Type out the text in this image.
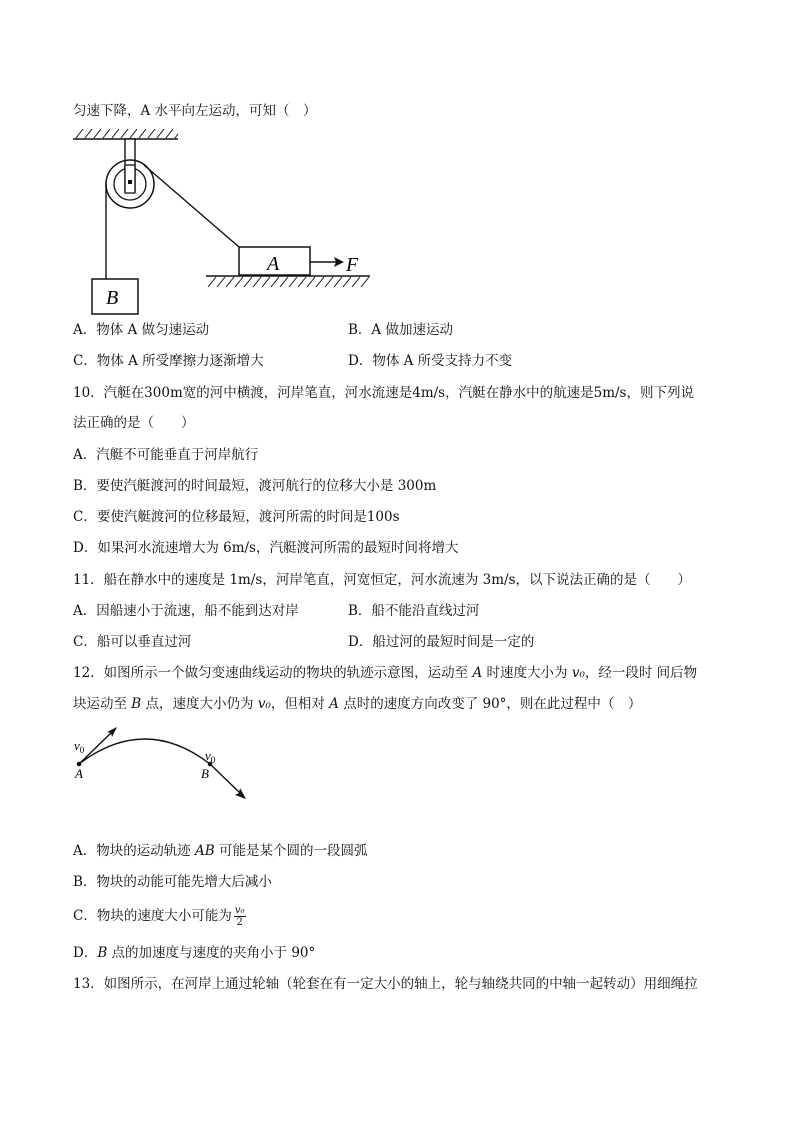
匀速下降，A 水平向左运动，可知（　）
B
A	F
A．物体 A 做匀速运动	B．A 做加速运动
C．物体 A 所受摩擦力逐渐增大	D．物体 A 所受支持力不变
10．汽艇在300m宽的河中横渡，河岸笔直，河水流速是4m/s，汽艇在静水中的航速是5m/s，则下列说
法正确的是（　　）
A．汽艇不可能垂直于河岸航行
B．要使汽艇渡河的时间最短，渡河航行的位移大小是 300m
C．要使汽艇渡河的位移最短，渡河所需的时间是100s
D．如果河水流速增大为 6m/s，汽艇渡河所需的最短时间将增大
11．船在静水中的速度是 1m/s，河岸笔直，河宽恒定，河水流速为 3m/s，以下说法正确的是（　　）
A．因船速小于流速，船不能到达对岸	B．船不能沿直线过河
C．船可以垂直过河	D．船过河的最短时间是一定的
12．如图所示一个做匀变速曲线运动的物块的轨迹示意图，运动至 A 时速度大小为 v₀，经一段时 间后物
块运动至 B 点，速度大小仍为 v₀，但相对 A 点时的速度方向改变了 90°，则在此过程中（　）
$v_0$	$v_0$
A	B
A．物块的运动轨迹 AB 可能是某个圆的一段圆弧
B．物块的动能可能先增大后减小
C．物块的速度大小可能为 $\frac{\text{v₀}}{2}$
D．B 点的加速度与速度的夹角小于 90°
13．如图所示，在河岸上通过轮轴（轮套在有一定大小的轴上，轮与轴绕共同的中轴一起转动）用细绳拉
